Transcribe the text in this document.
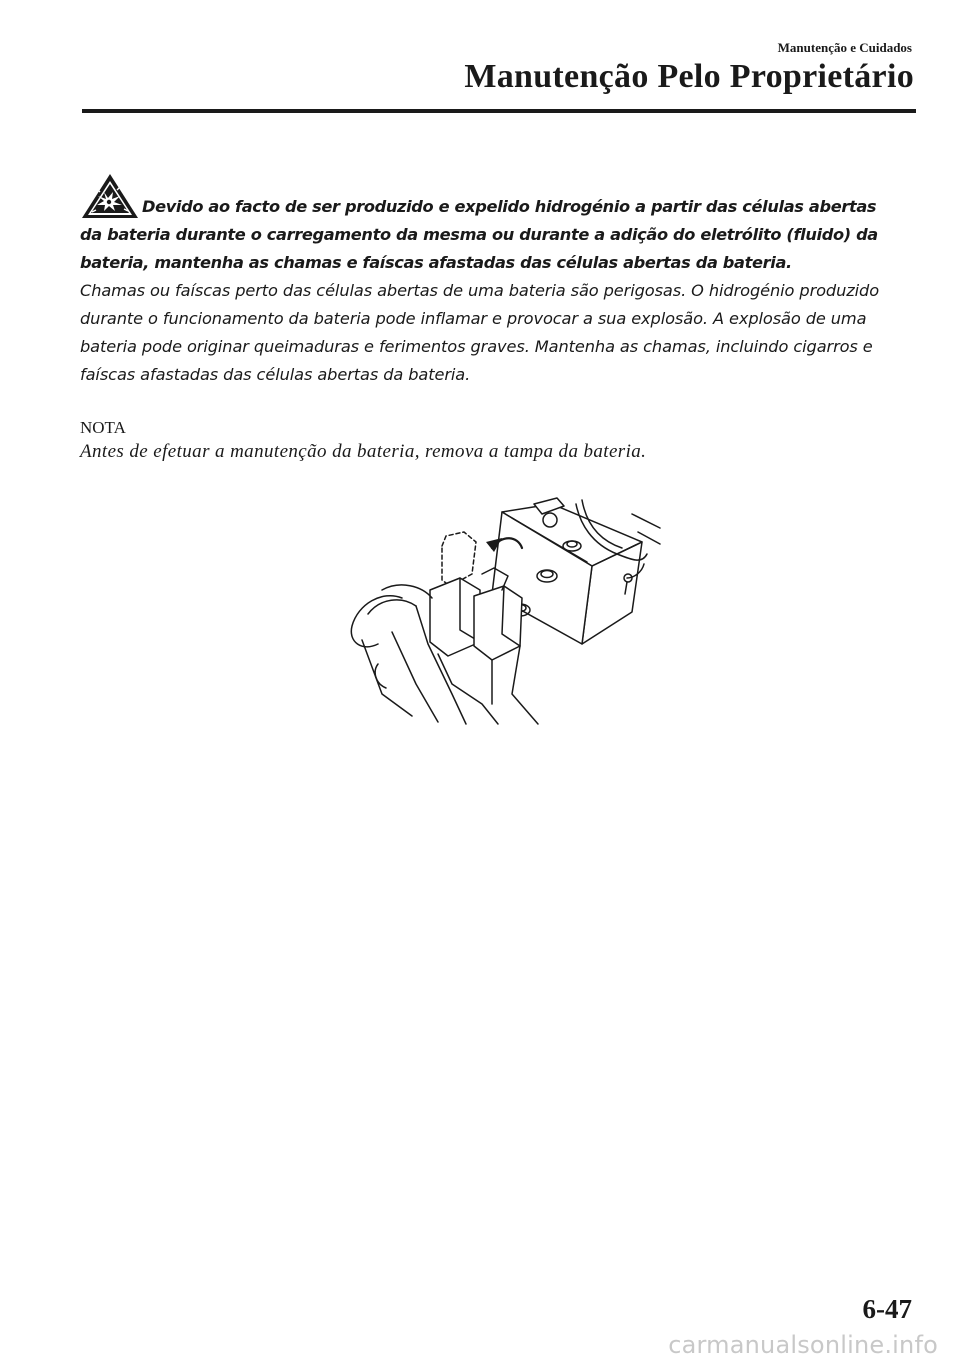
Manutenção e Cuidados
Manutenção Pelo Proprietário
Devido ao facto de ser produzido e expelido hidrogénio a partir das células abertas da bateria durante o carregamento da mesma ou durante a adição do eletrólito (fluido) da bateria, mantenha as chamas e faíscas afastadas das células abertas da bateria.
Chamas ou faíscas perto das células abertas de uma bateria são perigosas. O hidrogénio produzido durante o funcionamento da bateria pode inflamar e provocar a sua explosão. A explosão de uma bateria pode originar queimaduras e ferimentos graves. Mantenha as chamas, incluindo cigarros e faíscas afastadas das células abertas da bateria.
NOTA
Antes de efetuar a manutenção da bateria, remova a tampa da bateria.
6-47
carmanualsonline.info
